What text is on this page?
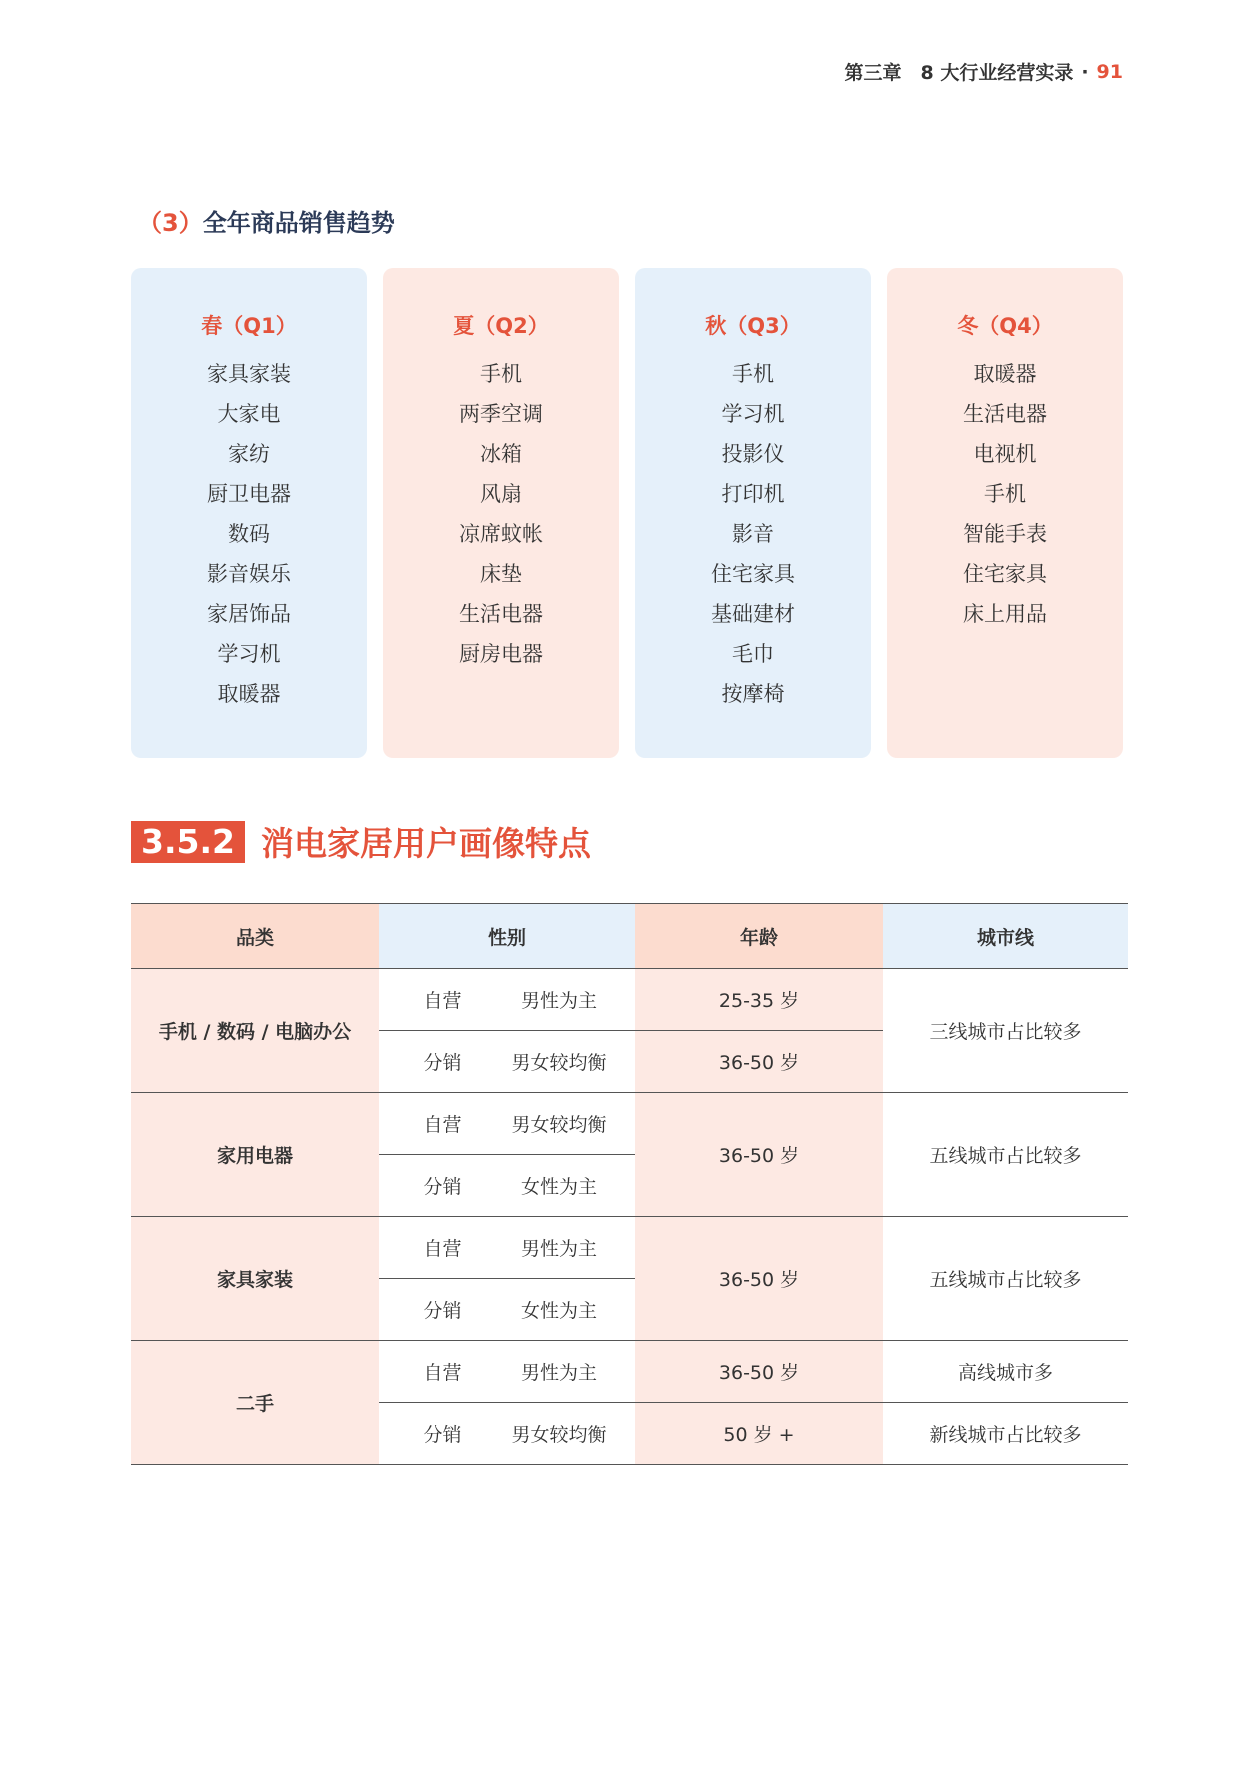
第三章　8 大行业经营实录 · 91
（3）全年商品销售趋势
春（Q1）
家具家装
大家电
家纺
厨卫电器
数码
影音娱乐
家居饰品
学习机
取暖器
夏（Q2）
手机
两季空调
冰箱
风扇
凉席蚊帐
床垫
生活电器
厨房电器
秋（Q3）
手机
学习机
投影仪
打印机
影音
住宅家具
基础建材
毛巾
按摩椅
冬（Q4）
取暖器
生活电器
电视机
手机
智能手表
住宅家具
床上用品
3.5.2 消电家居用户画像特点
品类	性别		年龄	城市线
手机 / 数码 / 电脑办公	自营	男性为主	25-35 岁	三线城市占比较多
	分销	男女较均衡	36-50 岁	
家用电器	自营	男女较均衡	36-50 岁	五线城市占比较多
	分销	女性为主		
家具家装	自营	男性为主	36-50 岁	五线城市占比较多
	分销	女性为主		
二手	自营	男性为主	36-50 岁	高线城市多
	分销	男女较均衡	50 岁 +	新线城市占比较多
